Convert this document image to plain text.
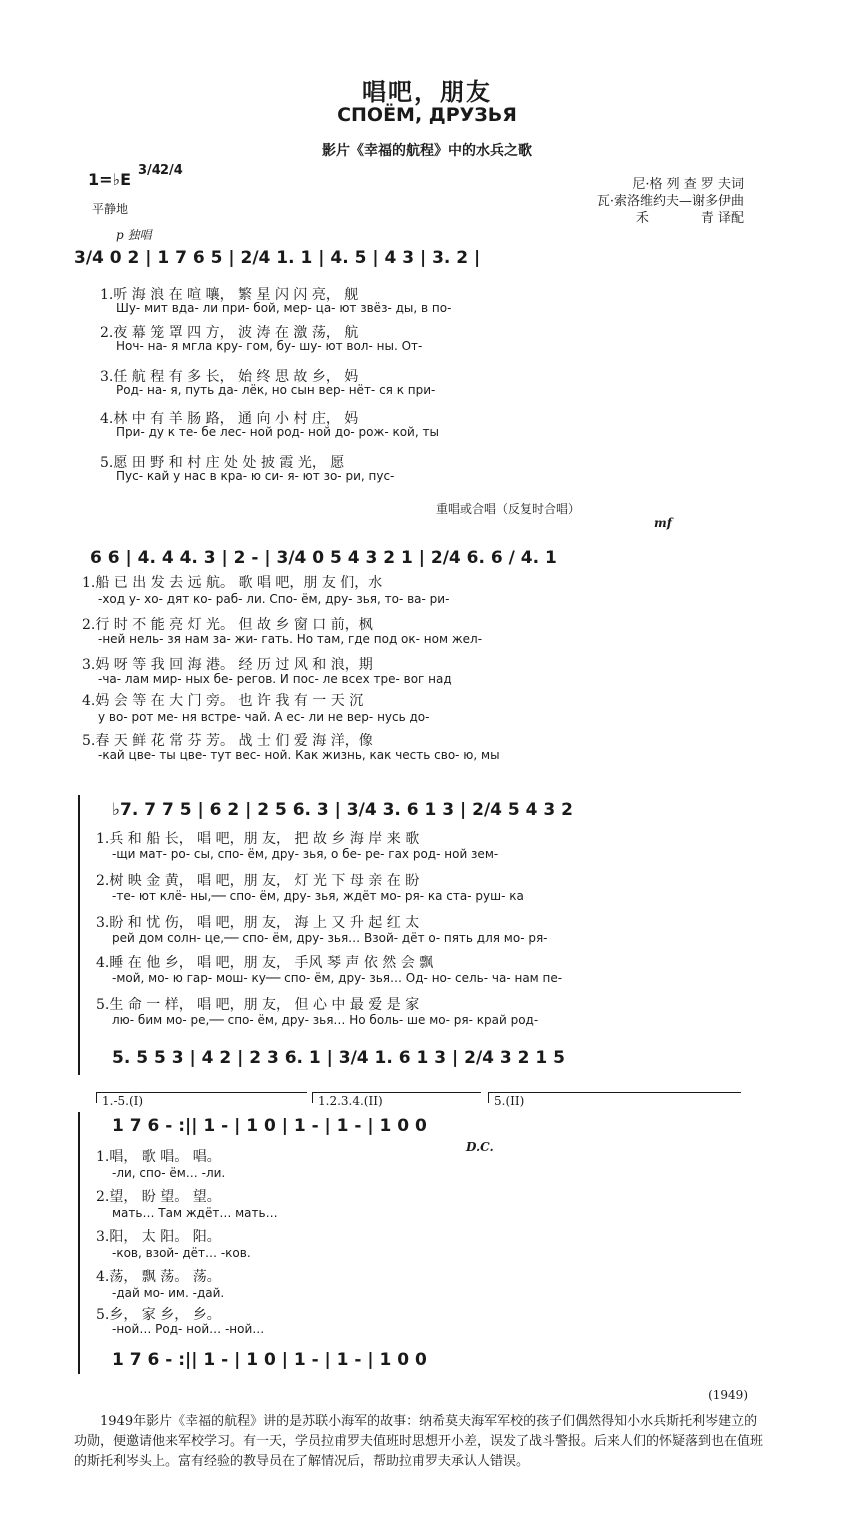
唱吧，朋友
СПОЁМ, ДРУЗЬЯ
影片《幸福的航程》中的水兵之歌
1=♭E 3/4 2/4
平静地
p 独唱
尼·格 列 查 罗 夫词
瓦·索洛维约夫—谢多伊曲
禾　　　　青 译配
3/4 0 2 | 1 7 6 5 | 2/4 1. 1 | 4. 5 | 4 3 | 3. 2 |
1.听 海 浪 在 喧 嚷， 繁 星 闪 闪 亮， 舰
Шу- мит вда- ли при- бой, мер- ца- ют звёз- ды, в по-
2.夜 幕 笼 罩 四 方， 波 涛 在 激 荡， 航
Ноч- на- я мгла кру- гом, бу- шу- ют вол- ны. От-
3.任 航 程 有 多 长， 始 终 思 故 乡， 妈
Род- на- я, путь да- лёк, но сын вер- нёт- ся к при-
4.林 中 有 羊 肠 路， 通 向 小 村 庄， 妈
При- ду к те- бе лес- ной род- ной до- рож- кой, ты
5.愿 田 野 和 村 庄 处 处 披 霞 光， 愿
Пус- кай у нас в кра- ю си- я- ют зо- ри, пус-
重唱或合唱（反复时合唱）
mf
6 6 | 4. 4 4. 3 | 2 - | 3/4 0 5 4 3 2 1 | 2/4 6. 6 / 4. 1
1.船 已 出 发 去 远 航。 歌 唱 吧，朋 友 们，水
-ход у- хо- дят ко- раб- ли. Спо- ём, дру- зья, то- ва- ри-
2.行 时 不 能 亮 灯 光。 但 故 乡 窗 口 前，枫
-ней нель- зя нам за- жи- гать. Но там, где под ок- ном жел-
3.妈 呀 等 我 回 海 港。 经 历 过 风 和 浪，期
-ча- лам мир- ных бе- регов. И пос- ле всех тре- вог над
4.妈 会 等 在 大 门 旁。 也 许 我 有 一 天 沉
у во- рот ме- ня встре- чай. А ес- ли не вер- нусь до-
5.春 天 鲜 花 常 芬 芳。 战 士 们 爱 海 洋，像
-кай цве- ты цве- тут вес- ной. Как жизнь, как честь сво- ю, мы
♭7. 7 7 5 | 6 2 | 2 5 6. 3 | 3/4 3. 6 1 3 | 2/4 5 4 3 2
1.兵 和 船 长， 唱 吧，朋 友， 把 故 乡 海 岸 来 歌
-щи мат- ро- сы, спо- ём, дру- зья, о бе- ре- гах род- ной зем-
2.树 映 金 黄， 唱 吧，朋 友， 灯 光 下 母 亲 在 盼
-те- ют клё- ны,── спо- ём, дру- зья, ждёт мо- ря- ка ста- руш- ка
3.盼 和 忧 伤， 唱 吧，朋 友， 海 上 又 升 起 红 太
рей дом солн- це,── спо- ём, дру- зья… Взой- дёт о- пять для мо- ря-
4.睡 在 他 乡， 唱 吧，朋 友， 手风 琴 声 依 然 会 飘
-мой, мо- ю гар- мош- ку── спо- ём, дру- зья… Од- но- сель- ча- нам пе-
5.生 命 一 样， 唱 吧，朋 友， 但 心 中 最 爱 是 家
лю- бим мо- ре,── спо- ём, дру- зья… Но боль- ше мо- ря- край род-
5. 5 5 3 | 4 2 | 2 3 6. 1 | 3/4 1. 6 1 3 | 2/4 3 2 1 5
1.-5.(I)	1.2.3.4.(II)	5.(II)
1 7 6 - :|| 1 - | 1 0 | 1 - | 1 - | 1 0 0
D.C.
1.唱， 歌 唱。 唱。
-ли, спо- ём… -ли.
2.望， 盼 望。 望。
мать… Там ждёт… мать…
3.阳， 太 阳。 阳。
-ков, взой- дёт… -ков.
4.荡， 飘 荡。 荡。
-дай мо- им. -дай.
5.乡， 家 乡， 乡。
-ной… Род- ной… -ной…
1 7 6 - :|| 1 - | 1 0 | 1 - | 1 - | 1 0 0
(1949)
1949年影片《幸福的航程》讲的是苏联小海军的故事：纳希莫夫海军军校的孩子们偶然得知小水兵斯托利岑建立的功勋，便邀请他来军校学习。有一天，学员拉甫罗夫值班时思想开小差，误发了战斗警报。后来人们的怀疑落到也在值班的斯托利岑头上。富有经验的教导员在了解情况后，帮助拉甫罗夫承认人错误。
